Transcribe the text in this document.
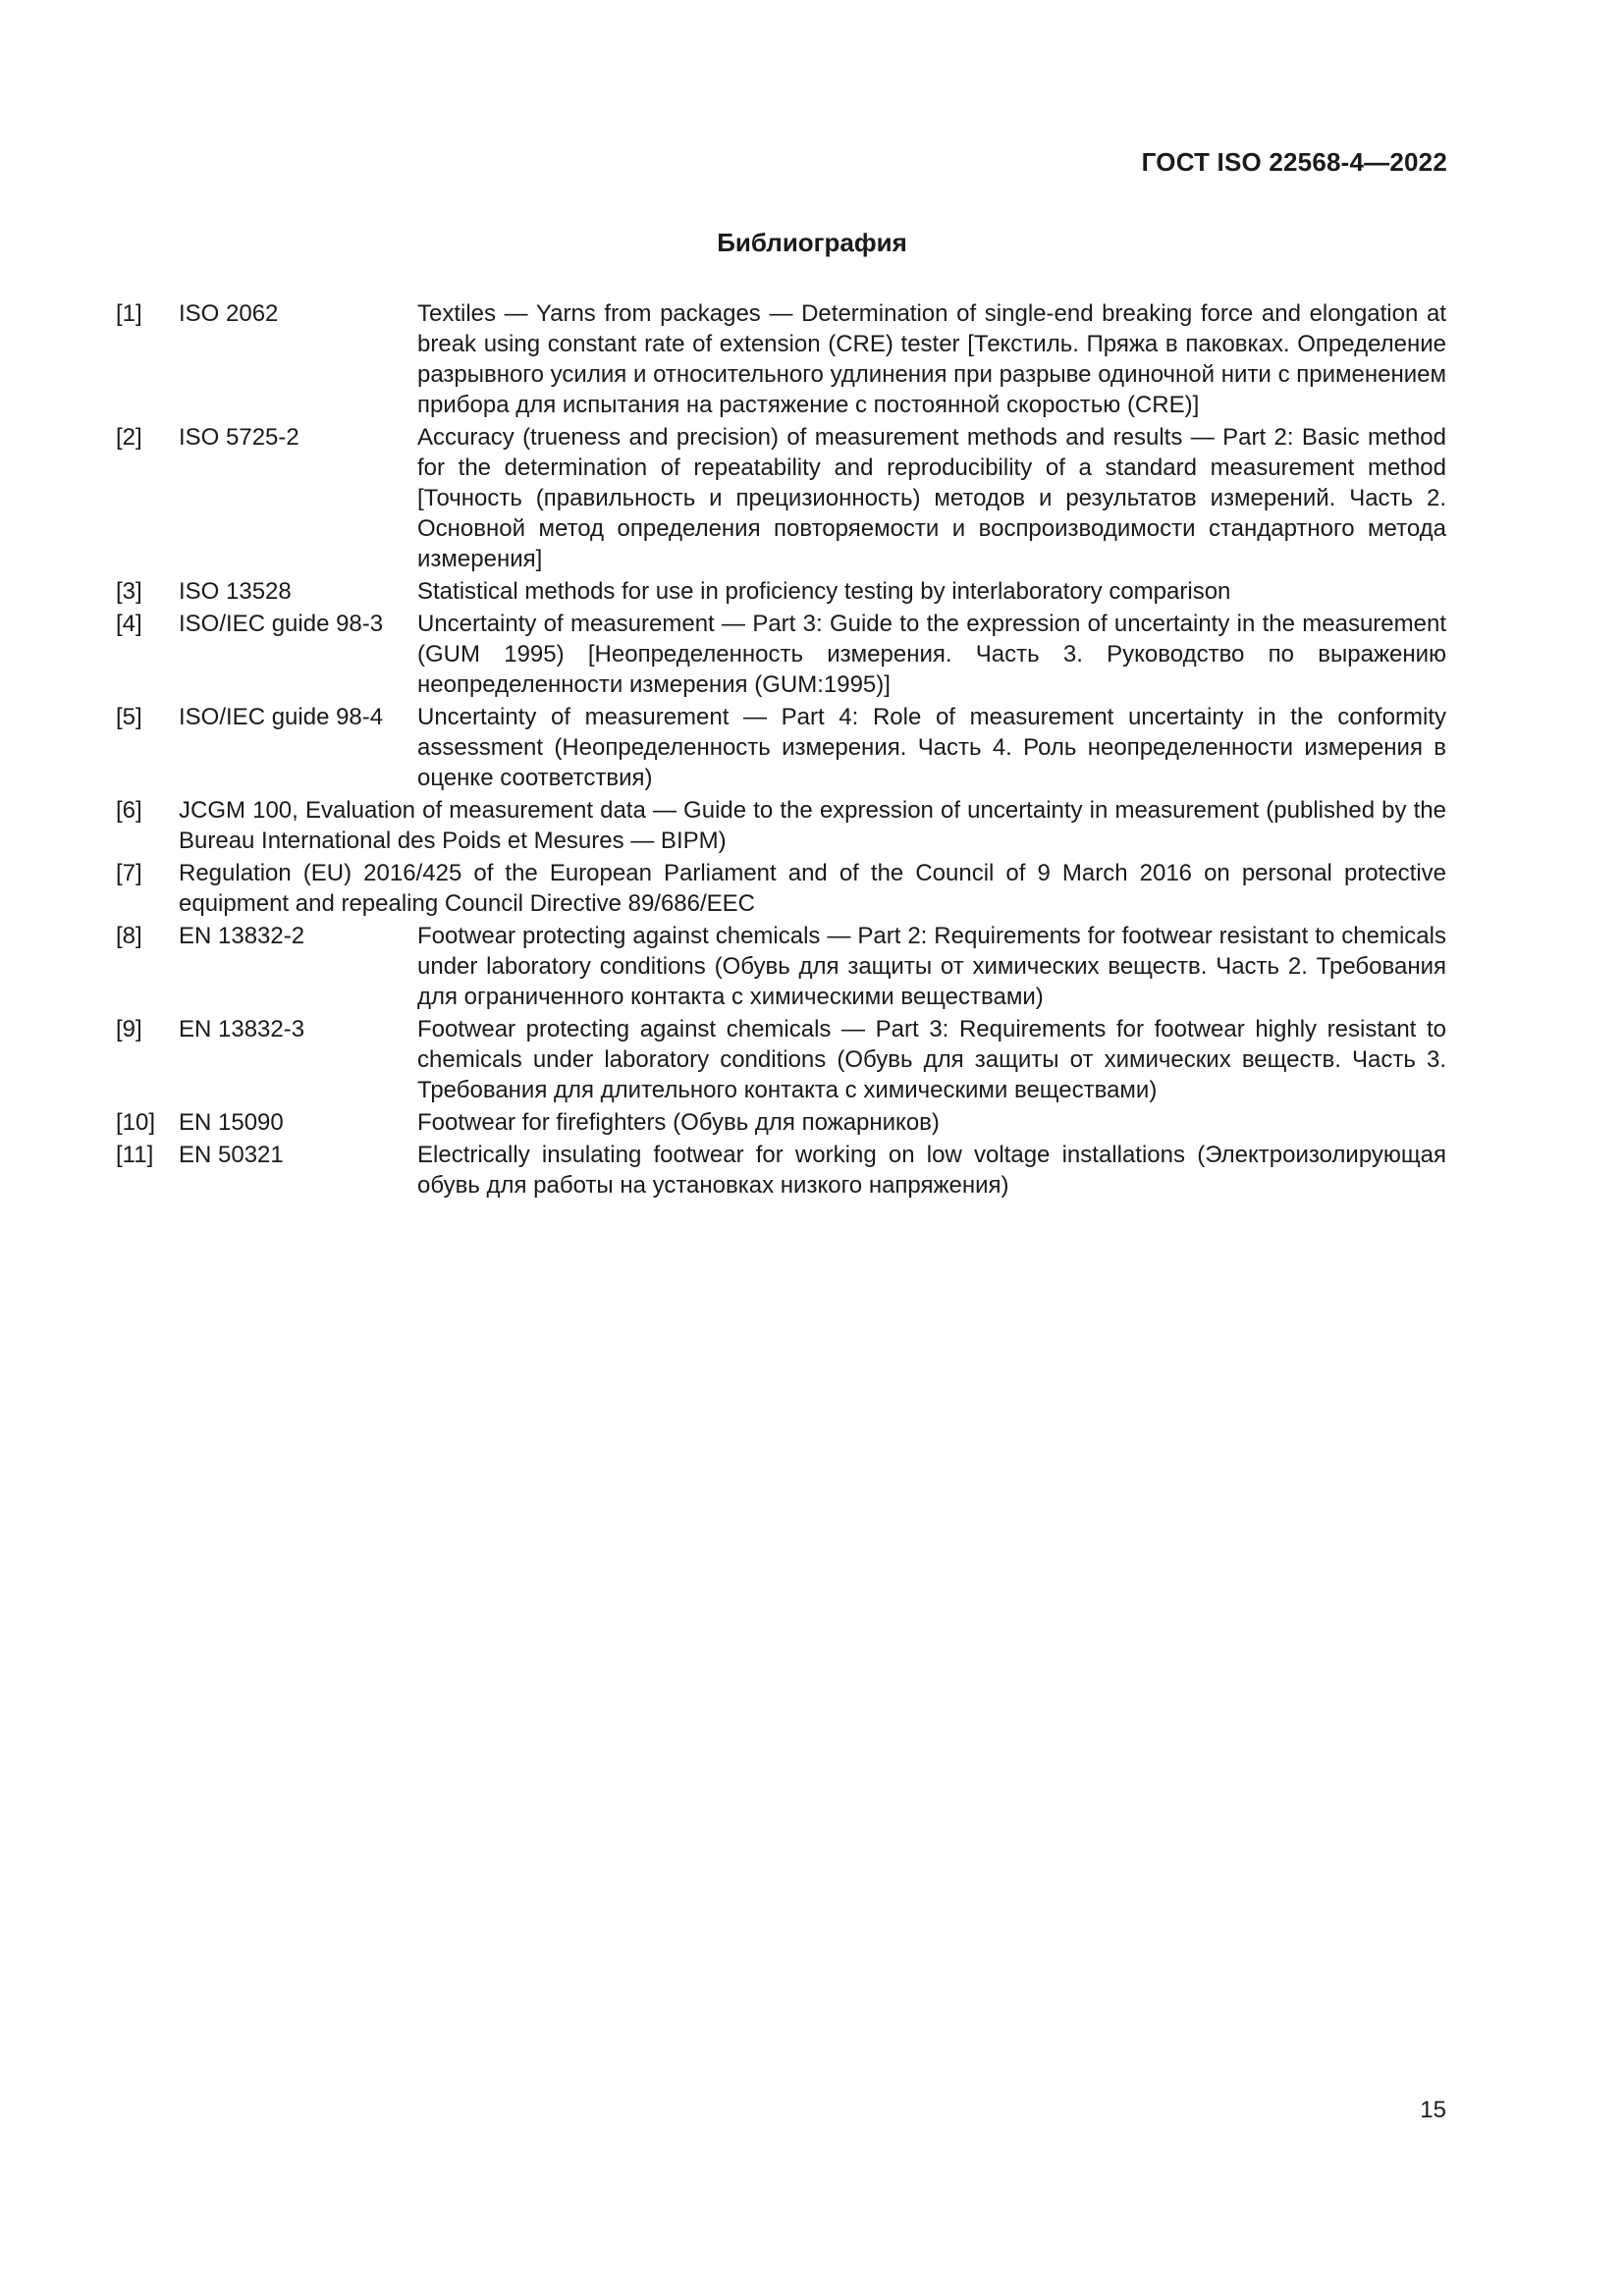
ГОСТ ISO 22568-4—2022
Библиография
[1]	ISO 2062	Textiles — Yarns from packages — Determination of single-end breaking force and elongation at break using constant rate of extension (CRE) tester [Текстиль. Пряжа в паковках. Определение разрывного усилия и относительного удлинения при разрыве одиночной нити с применением прибора для испытания на растяжение с постоянной скоростью (CRE)]
[2]	ISO 5725-2	Accuracy (trueness and precision) of measurement methods and results — Part 2: Basic method for the determination of repeatability and reproducibility of a standard measurement method [Точность (правильность и прецизионность) методов и результатов измерений. Часть 2. Основной метод определения повторяемости и воспроизводимости стандартного метода измерения]
[3]	ISO 13528	Statistical methods for use in proficiency testing by interlaboratory comparison
[4]	ISO/IEC guide 98-3	Uncertainty of measurement — Part 3: Guide to the expression of uncertainty in the measurement (GUM 1995) [Неопределенность измерения. Часть 3. Руководство по выражению неопределенности измерения (GUM:1995)]
[5]	ISO/IEC guide 98-4	Uncertainty of measurement — Part 4: Role of measurement uncertainty in the conformity assessment (Неопределенность измерения. Часть 4. Роль неопределенности измерения в оценке соответствия)
[6]	JCGM 100, Evaluation of measurement data — Guide to the expression of uncertainty in measurement (published by the Bureau International des Poids et Mesures — BIPM)
[7]	Regulation (EU) 2016/425 of the European Parliament and of the Council of 9 March 2016 on personal protective equipment and repealing Council Directive 89/686/EEC
[8]	EN 13832-2	Footwear protecting against chemicals — Part 2: Requirements for footwear resistant to chemicals under laboratory conditions (Обувь для защиты от химических веществ. Часть 2. Требования для ограниченного контакта с химическими веществами)
[9]	EN 13832-3	Footwear protecting against chemicals — Part 3: Requirements for footwear highly resistant to chemicals under laboratory conditions (Обувь для защиты от химических веществ. Часть 3. Требования для длительного контакта с химическими веществами)
[10] EN 15090	Footwear for firefighters (Обувь для пожарников)
[11]	EN 50321	Electrically insulating footwear for working on low voltage installations (Электроизолирующая обувь для работы на установках низкого напряжения)
15
